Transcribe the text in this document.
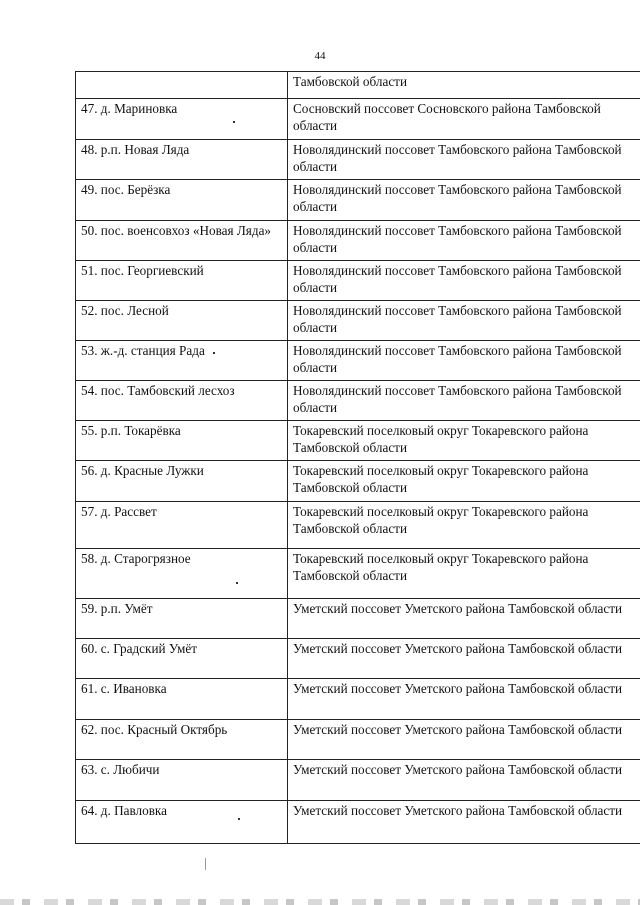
44
	Тамбовской области
47. д. Мариновка	Сосновский поссовет Сосновского района Тамбовской области
48. р.п. Новая Ляда	Новолядинский поссовет Тамбовского района Тамбовской области
49. пос. Берёзка	Новолядинский поссовет Тамбовского района Тамбовской области
50. пос. военсовхоз «Новая Ляда»	Новолядинский поссовет Тамбовского района Тамбовской области
51. пос. Георгиевский	Новолядинский поссовет Тамбовского района Тамбовской области
52. пос. Лесной	Новолядинский поссовет Тамбовского района Тамбовской области
53. ж.-д. станция Рада	Новолядинский поссовет Тамбовского района Тамбовской области
54. пос. Тамбовский лесхоз	Новолядинский поссовет Тамбовского района Тамбовской области
55. р.п. Токарёвка	Токаревский поселковый округ Токаревского района Тамбовской области
56. д. Красные Лужки	Токаревский поселковый округ Токаревского района Тамбовской области
57. д. Рассвет	Токаревский поселковый округ Токаревского района Тамбовской области
58. д. Старогрязное	Токаревский поселковый округ Токаревского района Тамбовской области
59. р.п. Умёт	Уметский поссовет Уметского района Тамбовской области
60. с. Градский Умёт	Уметский поссовет Уметского района Тамбовской области
61. с. Ивановка	Уметский поссовет Уметского района Тамбовской области
62. пос. Красный Октябрь	Уметский поссовет Уметского района Тамбовской области
63. с. Любичи	Уметский поссовет Уметского района Тамбовской области
64. д. Павловка	Уметский поссовет Уметского района Тамбовской области
